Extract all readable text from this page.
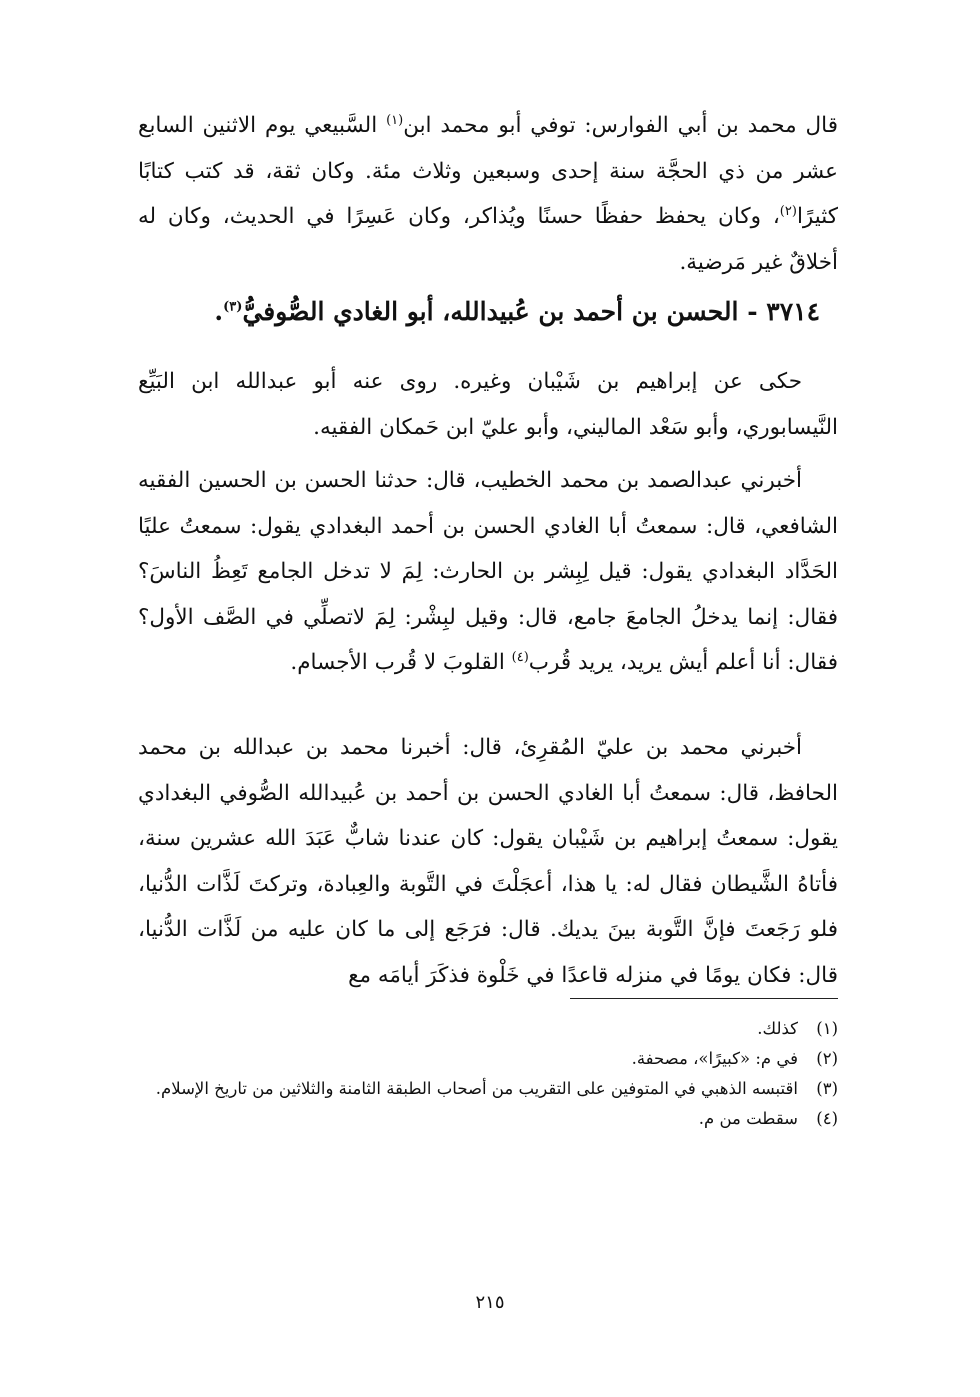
قال محمد بن أبي الفوارس: توفي أبو محمد ابن$^{(١)}$ السَّبيعي يوم الاثنين السابع عشر من ذي الحجَّة سنة إحدى وسبعين وثلاث مئة. وكان ثقة، قد كتب كتابًا كثيرًا$^{(٢)}$، وكان يحفظ حفظًا حسنًا ويُذاكر، وكان عَسِرًا في الحديث، وكان له أخلاقٌ غير مَرضية.

٣٧١٤ - الحسن بن أحمد بن عُبيدالله، أبو الغادي الصُّوفيُّ$^{(٣)}$.

حكى عن إبراهيم بن شَيْبان وغيره. روى عنه أبو عبدالله ابن البَيِّع النَّيسابوري، وأبو سَعْد الماليني، وأبو عليّ ابن حَمكان الفقيه.

أخبرني عبدالصمد بن محمد الخطيب، قال: حدثنا الحسن بن الحسين الفقيه الشافعي، قال: سمعتُ أبا الغادي الحسن بن أحمد البغدادي يقول: سمعتُ عليًا الحَدَّاد البغدادي يقول: قيل لِبِشر بن الحارث: لِمَ لا تدخل الجامع تَعِظُ الناسَ؟ فقال: إنما يدخلُ الجامعَ جامع، قال: وقيل لبِشْر: لِمَ لاتصلِّي في الصَّف الأول؟ فقال: أنا أعلم أيش يريد، يريد قُرب$^{(٤)}$ القلوبَ لا قُرب الأجسام.

أخبرني محمد بن عليّ المُقرِئ، قال: أخبرنا محمد بن عبدالله بن محمد الحافظ، قال: سمعتُ أبا الغادي الحسن بن أحمد بن عُبيدالله الصُّوفي البغدادي يقول: سمعتُ إبراهيم بن شَيْبان يقول: كان عندنا شابٌّ عَبَدَ الله عشرين سنة، فأتاهُ الشَّيطان فقال له: يا هذا، أعجَلْتَ في التَّوبة والعِبادة، وتركتَ لَذَّات الدُّنيا، فلو رَجَعتَ فإنَّ التَّوبة بينَ يديك. قال: فرَجَع إلى ما كان عليه من لَذَّات الدُّنيا، قال: فكان يومًا في منزله قاعدًا في خَلْوة فذكَرَ أيامَه مع

(١)
كذلك.
(٢)
في م: «كبيرًا»، مصحفة.
(٣)
اقتبسه الذهبي في المتوفين على التقريب من أصحاب الطبقة الثامنة والثلاثين من تاريخ الإسلام.
(٤)
سقطت من م.
٢١٥
